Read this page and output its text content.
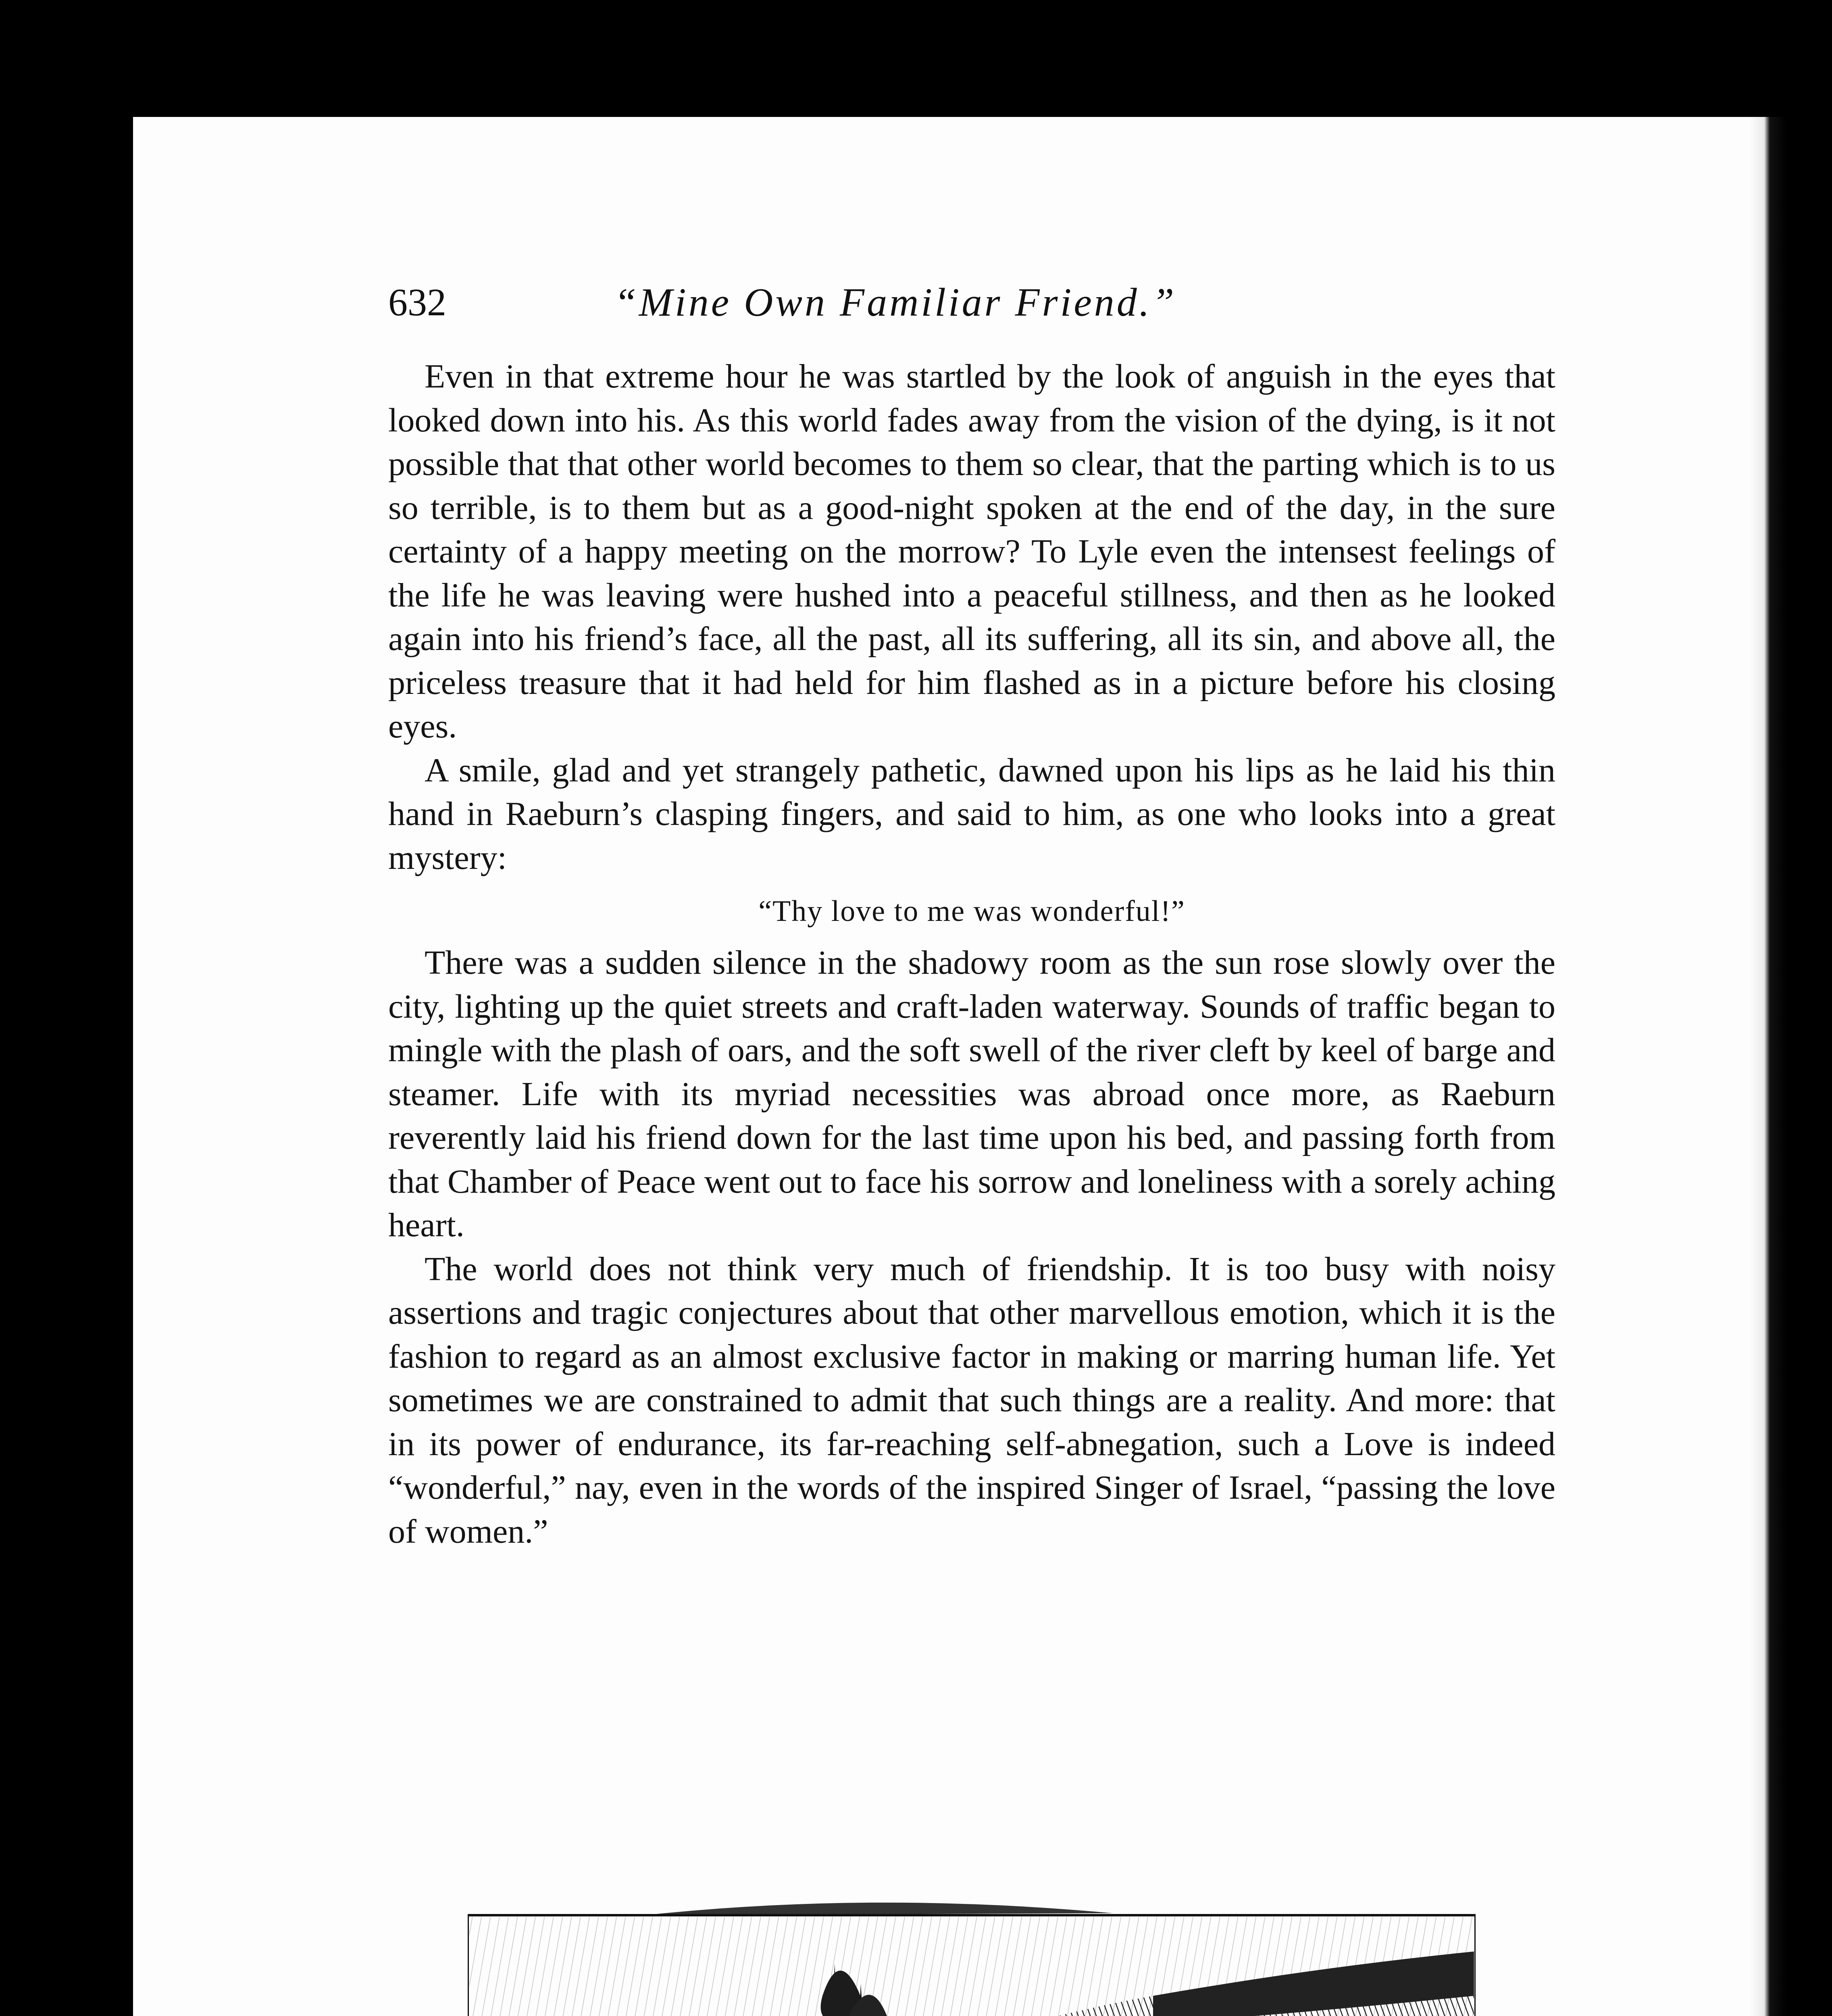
632	“Mine Own Familiar Friend.”

Even in that extreme hour he was startled by the look of anguish in the eyes that looked down into his. As this world fades away from the vision of the dying, is it not possible that that other world becomes to them so clear, that the parting which is to us so terrible, is to them but as a good-night spoken at the end of the day, in the sure certainty of a happy meeting on the morrow? To Lyle even the intensest feelings of the life he was leaving were hushed into a peaceful stillness, and then as he looked again into his friend’s face, all the past, all its suffering, all its sin, and above all, the priceless treasure that it had held for him flashed as in a picture before his closing eyes.

A smile, glad and yet strangely pathetic, dawned upon his lips as he laid his thin hand in Raeburn’s clasping fingers, and said to him, as one who looks into a great mystery:

“Thy love to me was wonderful!”

There was a sudden silence in the shadowy room as the sun rose slowly over the city, lighting up the quiet streets and craft-laden waterway. Sounds of traffic began to mingle with the plash of oars, and the soft swell of the river cleft by keel of barge and steamer. Life with its myriad necessities was abroad once more, as Raeburn reverently laid his friend down for the last time upon his bed, and passing forth from that Chamber of Peace went out to face his sorrow and loneliness with a sorely aching heart.

The world does not think very much of friendship. It is too busy with noisy assertions and tragic conjectures about that other marvellous emotion, which it is the fashion to regard as an almost exclusive factor in making or marring human life. Yet sometimes we are constrained to admit that such things are a reality. And more: that in its power of endurance, its far-reaching self-abnegation, such a Love is indeed “wonderful,” nay, even in the words of the inspired Singer of Israel, “passing the love of women.”
